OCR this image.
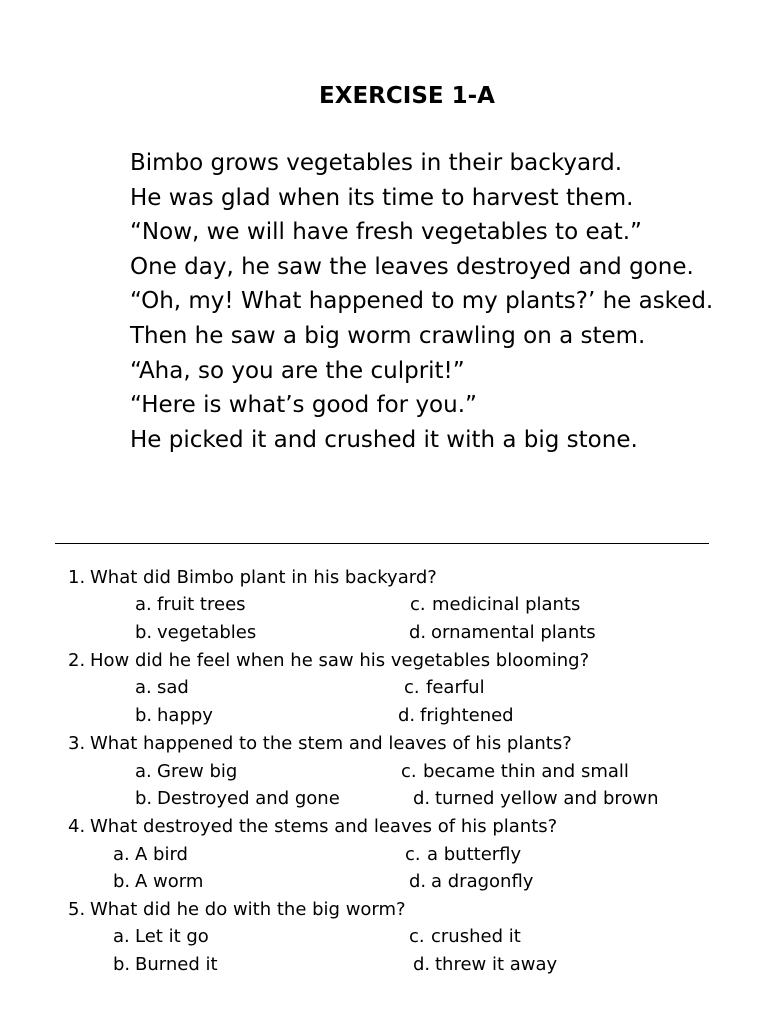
EXERCISE 1-A

Bimbo grows vegetables in their backyard.

He was glad when its time to harvest them.

“Now, we will have fresh vegetables to eat.”

One day, he saw the leaves destroyed and gone.

“Oh, my! What happened to my plants?’ he asked.

Then he saw a big worm crawling on a stem.

“Aha, so you are the culprit!”

“Here is what’s good for you.”

He picked it and crushed it with a big stone.

1. What did Bimbo plant in his backyard?
a. fruit trees	c. medicinal plants
b. vegetables	d. ornamental plants
2. How did he feel when he saw his vegetables blooming?
a. sad	c. fearful
b. happy	d. frightened
3. What happened to the stem and leaves of his plants?
a. Grew big	c. became thin and small
b. Destroyed and gone	d. turned yellow and brown
4. What destroyed the stems and leaves of his plants?
a. A bird	c. a butterfly
b. A worm	d. a dragonfly
5. What did he do with the big worm?
a. Let it go	c. crushed it
b. Burned it	d. threw it away
